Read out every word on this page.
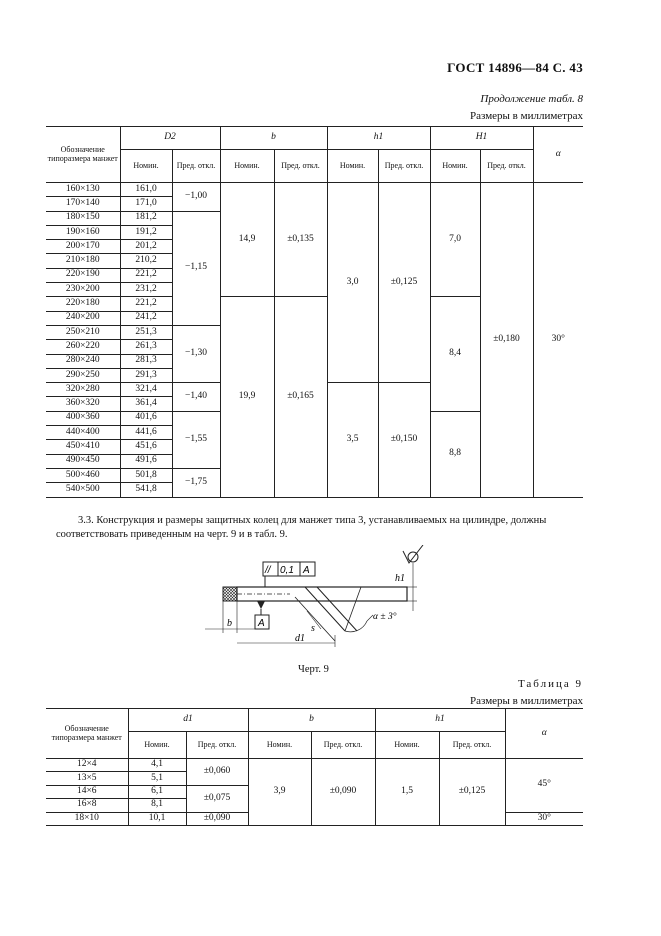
ГОСТ 14896—84 С. 43
Продолжение табл. 8
Размеры в миллиметрах
Обозначение типоразмера манжет	D2		b		h1		H1		α
	Номин.	Пред. откл.	Номин.	Пред. откл.	Номин.	Пред. откл.	Номин.	Пред. откл.	
160×130	161,0	−1,00	14,9	±0,135	3,0	±0,125	7,0	±0,180	30°
170×140	171,0								
180×150	181,2	−1,15							
190×160	191,2								
200×170	201,2								
210×180	210,2								
220×190	221,2								
230×200	231,2								
220×180	221,2		19,9	±0,165			8,4		
240×200	241,2								
250×210	251,3	−1,30							
260×220	261,3								
280×240	281,3								
290×250	291,3								
320×280	321,4	−1,40			3,5	±0,150			
360×320	361,4								
400×360	401,6	−1,55					8,8		
440×400	441,6								
450×410	451,6								
490×450	491,6								
500×460	501,8	−1,75							
540×500	541,8								
3.3. Конструкция и размеры защитных колец для манжет типа 3, устанавливаемых на цилиндре, должны соответствовать приведенным на черт. 9 и в табл. 9.
// 0,1 A
A
h1
α ± 3°
s
b
d1
Черт. 9
Таблица 9
Размеры в миллиметрах
Обозначение типоразмера манжет	d1		b		h1		α
	Номин.	Пред. откл.	Номин.	Пред. откл.	Номин.	Пред. откл.	
12×4	4,1	±0,060	3,9	±0,090	1,5	±0,125	45°
13×5	5,1						
14×6	6,1	±0,075					
16×8	8,1						
18×10	10,1	±0,090					30°
